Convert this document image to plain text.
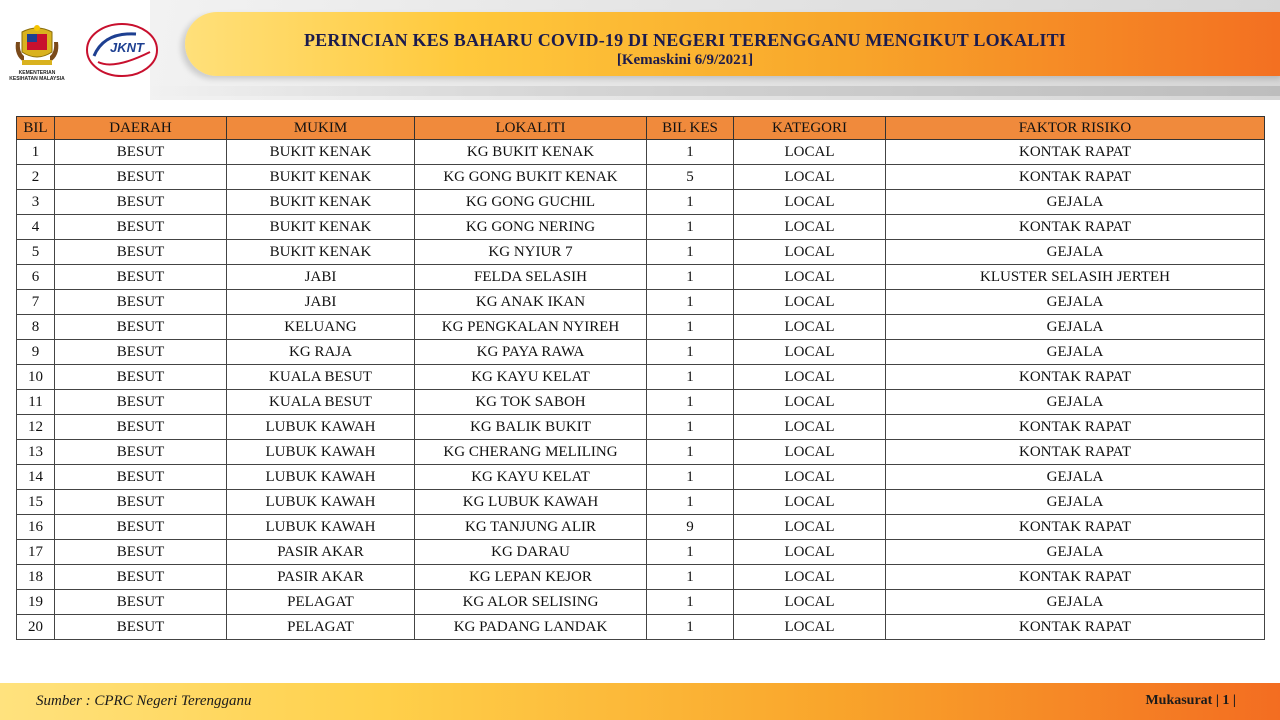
PERINCIAN KES BAHARU COVID-19 DI NEGERI TERENGGANU MENGIKUT LOKALITI
[Kemaskini 6/9/2021]
KEMENTERIAN KESIHATAN MALAYSIA
JKNT
BIL	DAERAH	MUKIM	LOKALITI	BIL KES	KATEGORI	FAKTOR RISIKO
1	BESUT	BUKIT KENAK	KG BUKIT KENAK	1	LOCAL	KONTAK RAPAT
2	BESUT	BUKIT KENAK	KG GONG BUKIT KENAK	5	LOCAL	KONTAK RAPAT
3	BESUT	BUKIT KENAK	KG GONG GUCHIL	1	LOCAL	GEJALA
4	BESUT	BUKIT KENAK	KG GONG NERING	1	LOCAL	KONTAK RAPAT
5	BESUT	BUKIT KENAK	KG NYIUR 7	1	LOCAL	GEJALA
6	BESUT	JABI	FELDA SELASIH	1	LOCAL	KLUSTER SELASIH JERTEH
7	BESUT	JABI	KG ANAK IKAN	1	LOCAL	GEJALA
8	BESUT	KELUANG	KG PENGKALAN NYIREH	1	LOCAL	GEJALA
9	BESUT	KG RAJA	KG PAYA RAWA	1	LOCAL	GEJALA
10	BESUT	KUALA BESUT	KG KAYU KELAT	1	LOCAL	KONTAK RAPAT
11	BESUT	KUALA BESUT	KG TOK SABOH	1	LOCAL	GEJALA
12	BESUT	LUBUK KAWAH	KG BALIK BUKIT	1	LOCAL	KONTAK RAPAT
13	BESUT	LUBUK KAWAH	KG CHERANG MELILING	1	LOCAL	KONTAK RAPAT
14	BESUT	LUBUK KAWAH	KG KAYU KELAT	1	LOCAL	GEJALA
15	BESUT	LUBUK KAWAH	KG LUBUK KAWAH	1	LOCAL	GEJALA
16	BESUT	LUBUK KAWAH	KG TANJUNG ALIR	9	LOCAL	KONTAK RAPAT
17	BESUT	PASIR AKAR	KG DARAU	1	LOCAL	GEJALA
18	BESUT	PASIR AKAR	KG LEPAN KEJOR	1	LOCAL	KONTAK RAPAT
19	BESUT	PELAGAT	KG ALOR SELISING	1	LOCAL	GEJALA
20	BESUT	PELAGAT	KG PADANG LANDAK	1	LOCAL	KONTAK RAPAT
Sumber : CPRC Negeri Terengganu	Mukasurat | 1 |
